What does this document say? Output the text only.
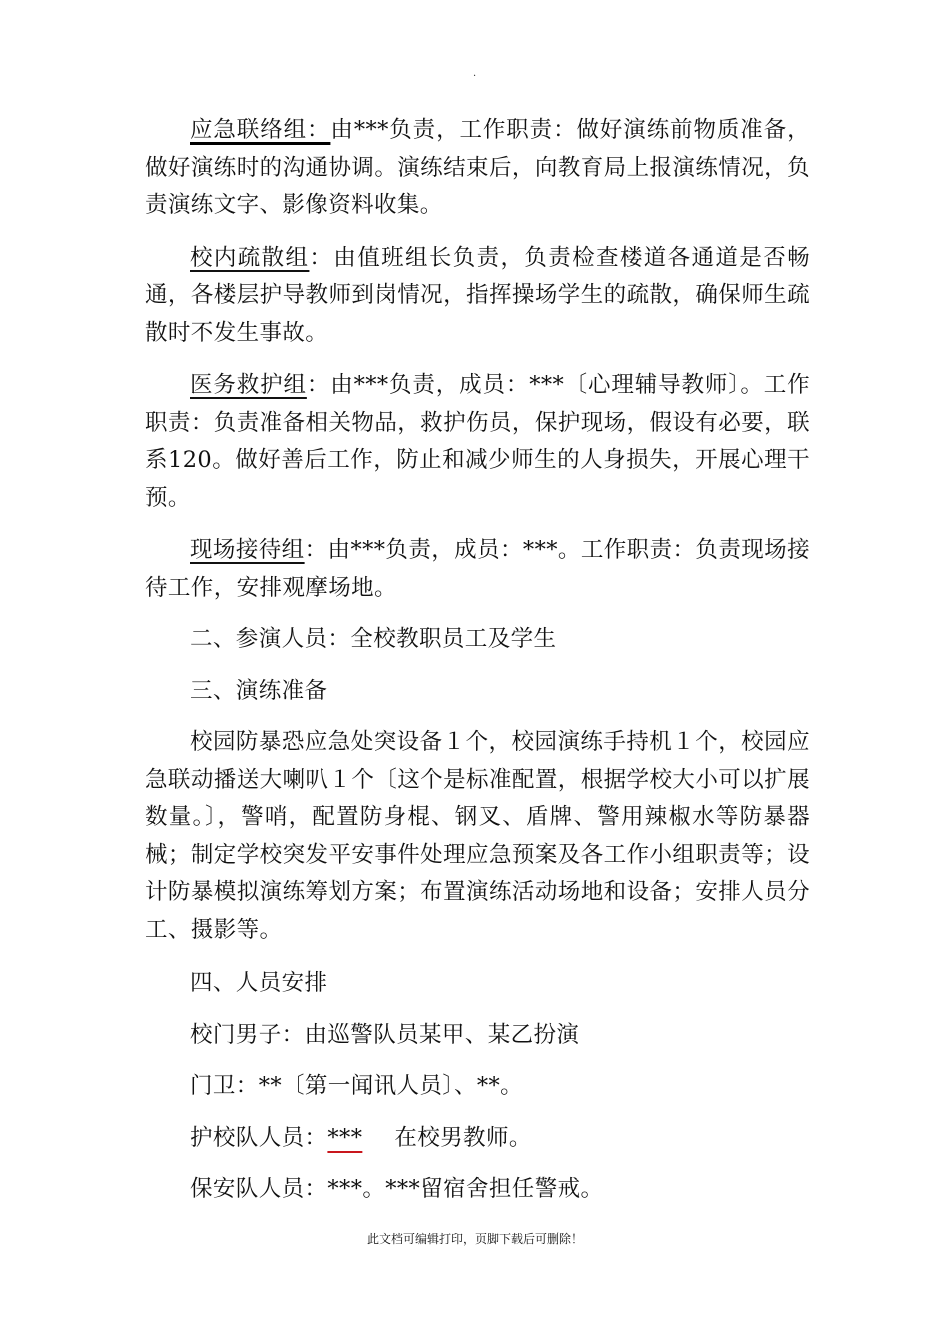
·

应急联络组：由***负责，工作职责：做好演练前物质准备，做好演练时的沟通协调。演练结束后，向教育局上报演练情况，负责演练文字、影像资料收集。

校内疏散组：由值班组长负责，负责检查楼道各通道是否畅通，各楼层护导教师到岗情况，指挥操场学生的疏散，确保师生疏散时不发生事故。

医务救护组：由***负责，成员：***〔心理辅导教师〕。工作职责：负责准备相关物品，救护伤员，保护现场，假设有必要，联系120。做好善后工作，防止和减少师生的人身损失，开展心理干预。

现场接待组：由***负责，成员：***。工作职责：负责现场接待工作，安排观摩场地。

二、参演人员：全校教职员工及学生

三、演练准备

校园防暴恐应急处突设备１个，校园演练手持机１个，校园应急联动播送大喇叭１个〔这个是标准配置，根据学校大小可以扩展数量。〕，警哨，配置防身棍、钢叉、盾牌、警用辣椒水等防暴器械；制定学校突发平安事件处理应急预案及各工作小组职责等；设计防暴模拟演练筹划方案；布置演练活动场地和设备；安排人员分工、摄影等。

四、人员安排

校门男子：由巡警队员某甲、某乙扮演

门卫：**〔第一闻讯人员〕、**。

护校队人员：*** 在校男教师。

保安队人员：***。***留宿舍担任警戒。

此文档可编辑打印，页脚下载后可删除！
